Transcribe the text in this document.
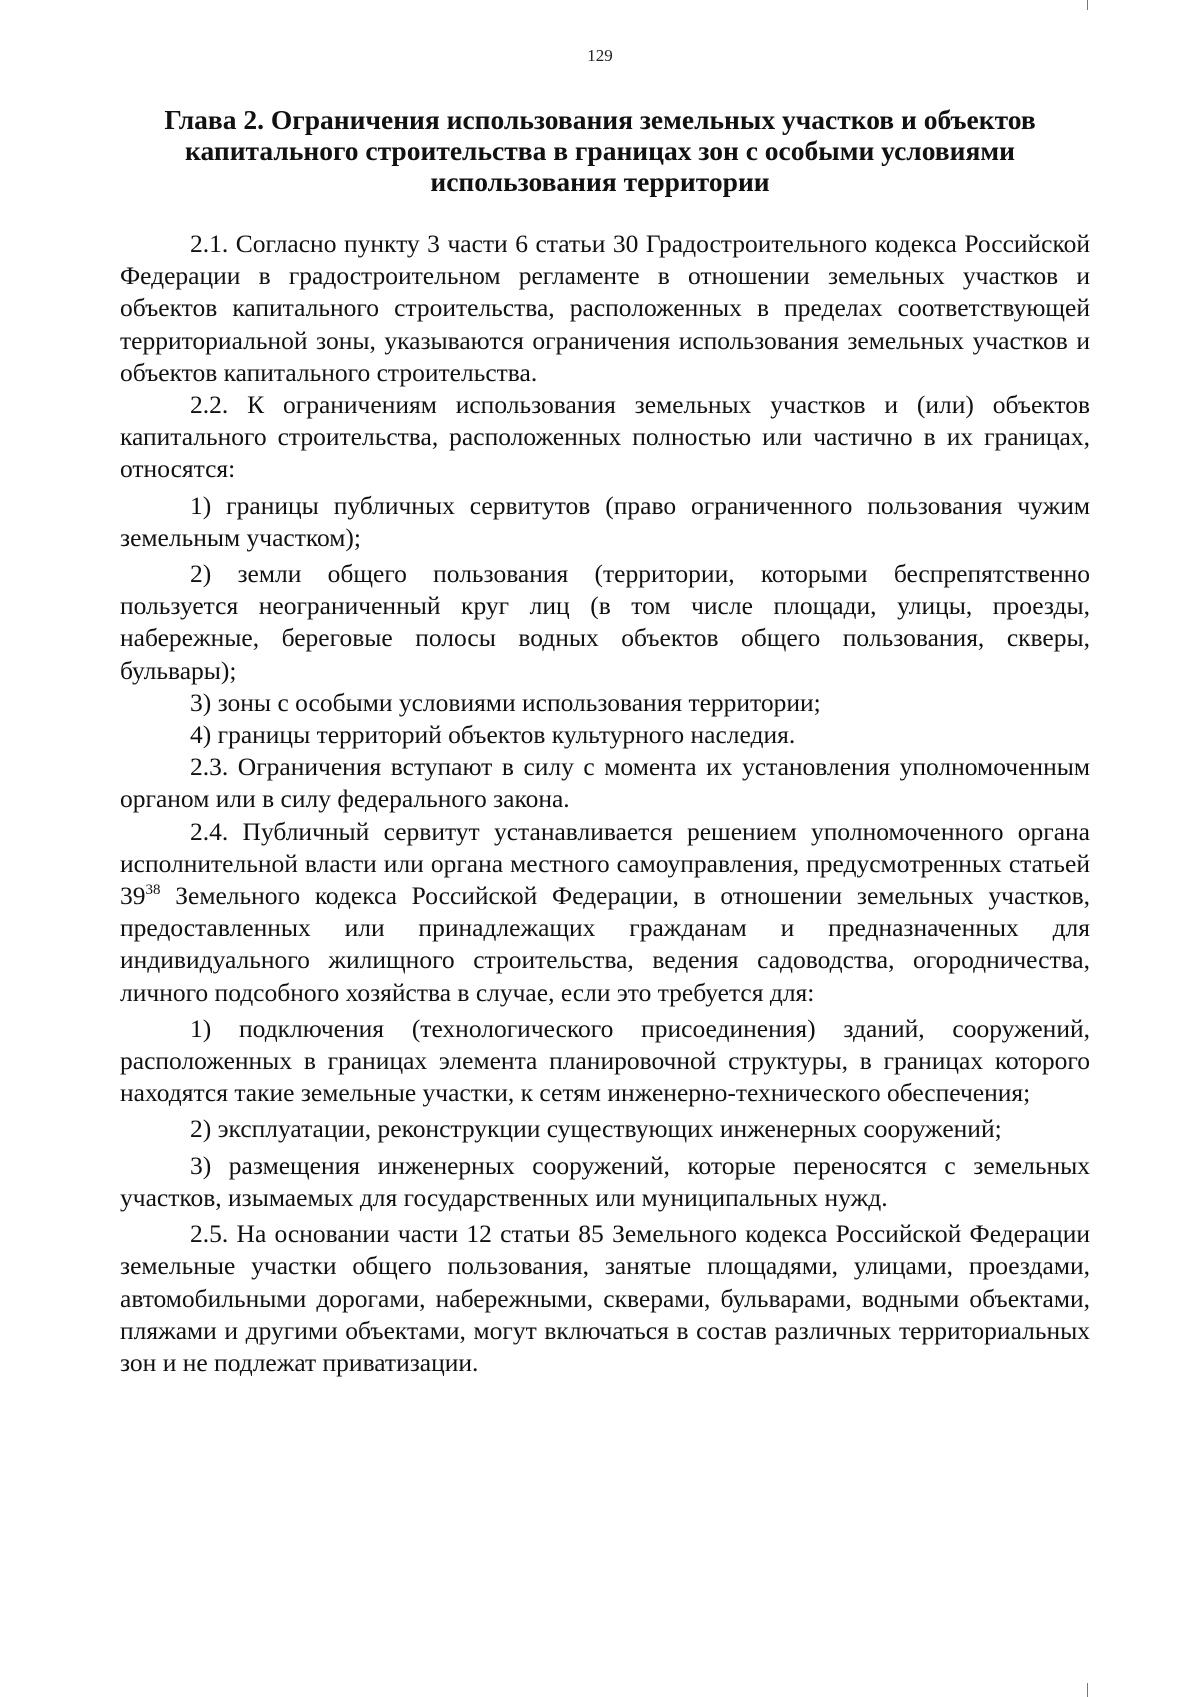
129
Глава 2. Ограничения использования земельных участков и объектов капитального строительства в границах зон с особыми условиями использования территории

2.1. Согласно пункту 3 части 6 статьи 30 Градостроительного кодекса Российской Федерации в градостроительном регламенте в отношении земельных участков и объектов капитального строительства, расположенных в пределах соответствующей территориальной зоны, указываются ограничения использования земельных участков и объектов капитального строительства.

2.2. К ограничениям использования земельных участков и (или) объектов капитального строительства, расположенных полностью или частично в их границах, относятся:

1) границы публичных сервитутов (право ограниченного пользования чужим земельным участком);

2) земли общего пользования (территории, которыми беспрепятственно пользуется неограниченный круг лиц (в том числе площади, улицы, проезды, набережные, береговые полосы водных объектов общего пользования, скверы, бульвары);

3) зоны с особыми условиями использования территории;

4) границы территорий объектов культурного наследия.

2.3. Ограничения вступают в силу с момента их установления уполномоченным органом или в силу федерального закона.

2.4. Публичный сервитут устанавливается решением уполномоченного органа исполнительной власти или органа местного самоуправления, предусмотренных статьей $39^{38}$ Земельного кодекса Российской Федерации, в отношении земельных участков, предоставленных или принадлежащих гражданам и предназначенных для индивидуального жилищного строительства, ведения садоводства, огородничества, личного подсобного хозяйства в случае, если это требуется для:

1) подключения (технологического присоединения) зданий, сооружений, расположенных в границах элемента планировочной структуры, в границах которого находятся такие земельные участки, к сетям инженерно-технического обеспечения;

2) эксплуатации, реконструкции существующих инженерных сооружений;

3) размещения инженерных сооружений, которые переносятся с земельных участков, изымаемых для государственных или муниципальных нужд.

2.5. На основании части 12 статьи 85 Земельного кодекса Российской Федерации земельные участки общего пользования, занятые площадями, улицами, проездами, автомобильными дорогами, набережными, скверами, бульварами, водными объектами, пляжами и другими объектами, могут включаться в состав различных территориальных зон и не подлежат приватизации.
